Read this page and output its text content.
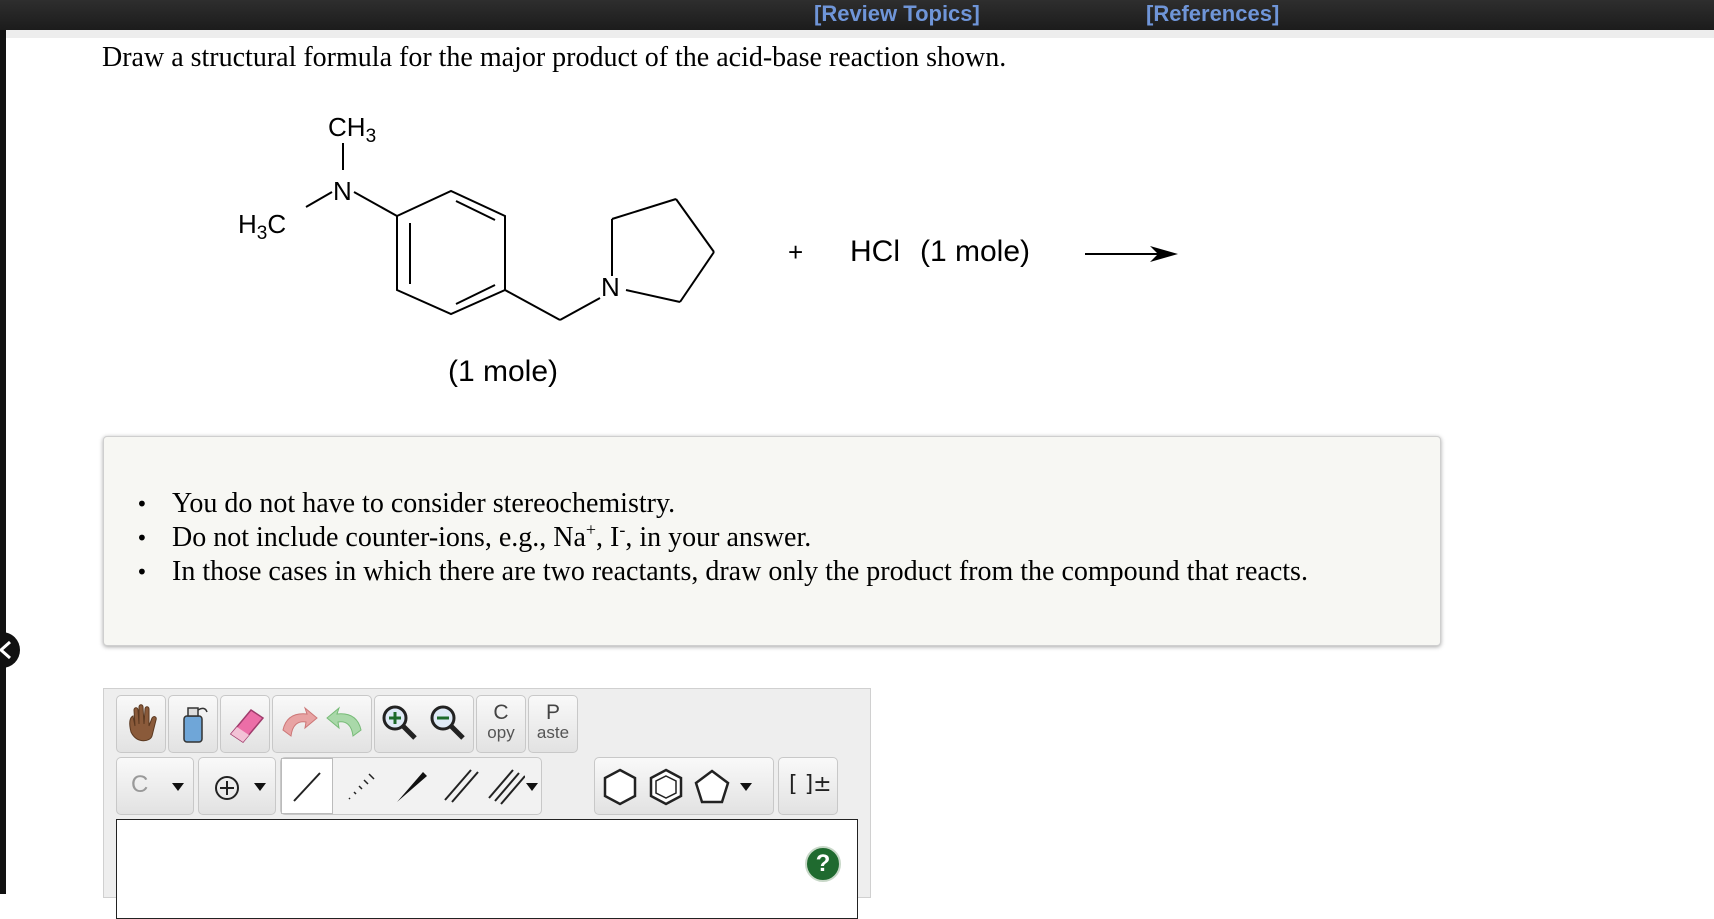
[Review Topics]	[References]

Draw a structural formula for the major product of the acid-base reaction shown.

$CH_3$
N
$H_3C$
N
(1 mole)
+ HCl (1 mole)
• You do not have to consider stereochemistry.
• Do not include counter-ions, e.g., Na+, I-, in your answer.
• In those cases in which there are two reactants, draw only the product from the compound that reacts.
C
opy
P
aste
C	[ ]±
?
